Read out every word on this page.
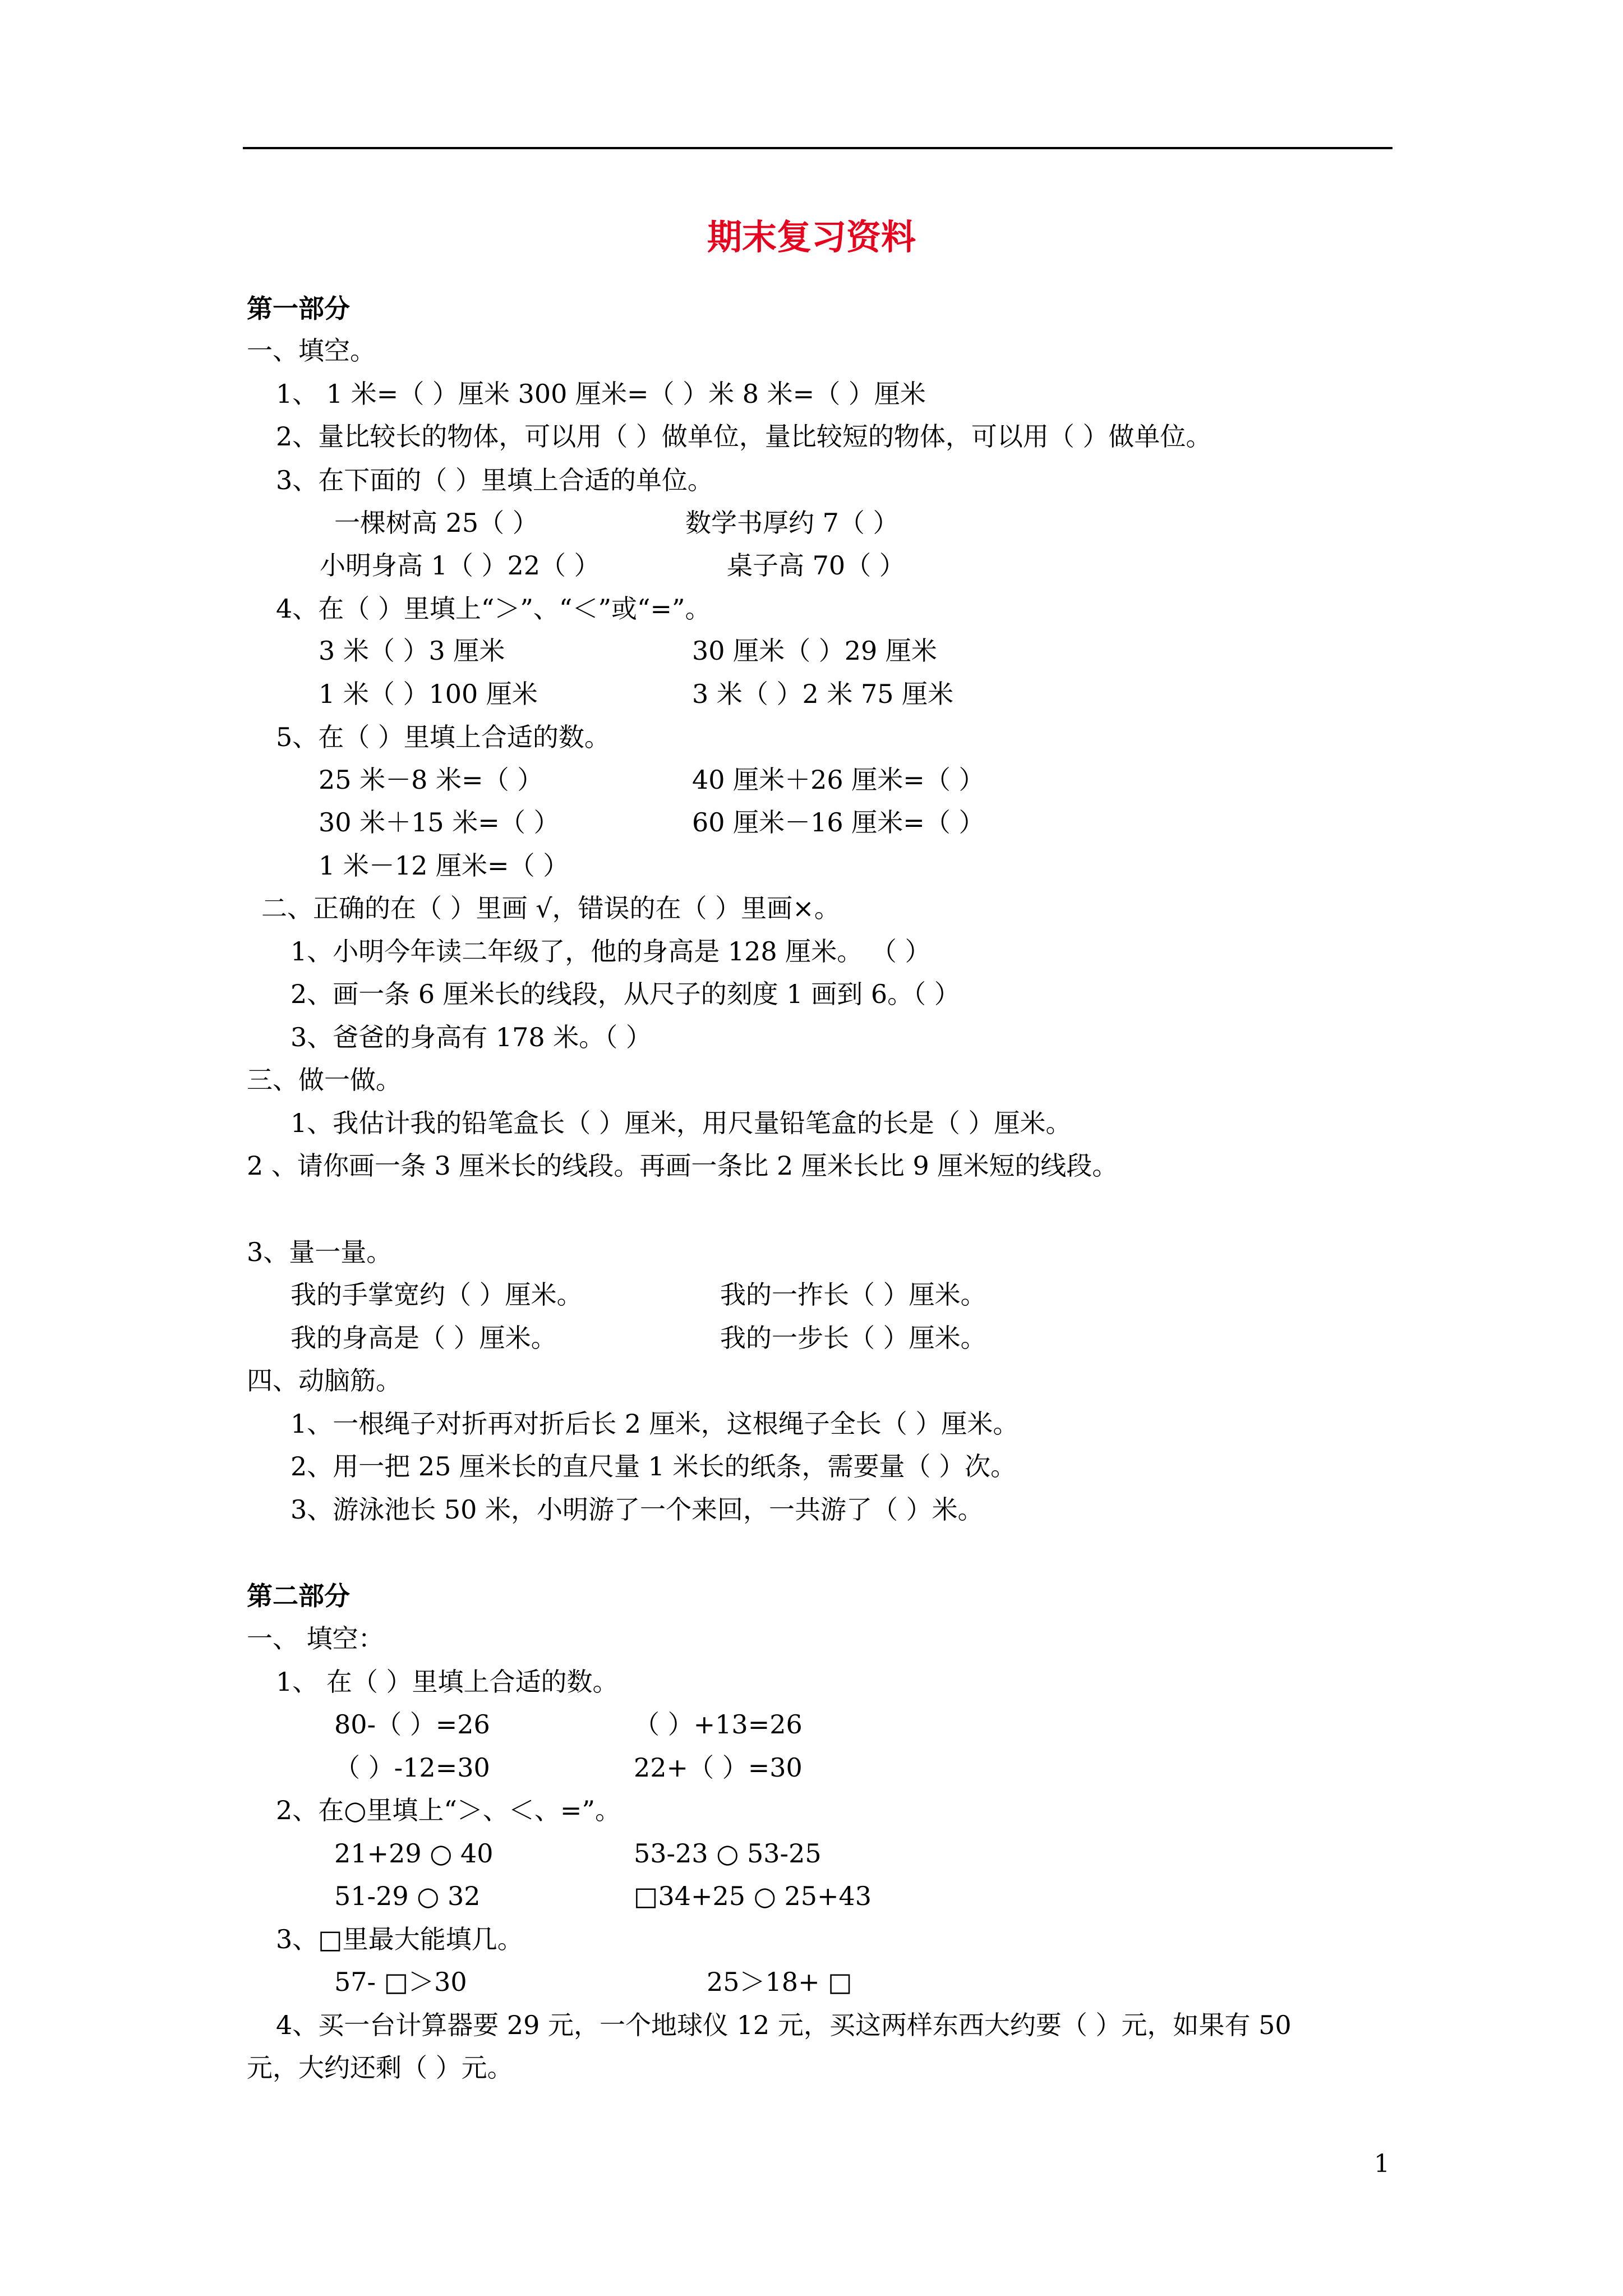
期末复习资料
第一部分
一、填空。
1、 1 米=（ ）厘米 300 厘米=（ ）米 8 米=（ ）厘米
2、量比较长的物体，可以用（ ）做单位，量比较短的物体，可以用（ ）做单位。
3、在下面的（ ）里填上合适的单位。
一棵树高 25（ ）	数学书厚约 7（ ）
小明身高 1（ ）22（ ）	桌子高 70（ ）
4、在（ ）里填上“＞”、“＜”或“=”。
3 米（ ）3 厘米	30 厘米（ ）29 厘米
1 米（ ）100 厘米	3 米（ ）2 米 75 厘米
5、在（ ）里填上合适的数。
25 米－8 米=（ ）	40 厘米＋26 厘米=（ ）
30 米＋15 米=（ ）	60 厘米－16 厘米=（ ）
1 米－12 厘米=（ ）
二、正确的在（ ）里画 √，错误的在（ ）里画×。
1、小明今年读二年级了，他的身高是 128 厘米。 （ ）
2、画一条 6 厘米长的线段，从尺子的刻度 1 画到 6。（ ）
3、爸爸的身高有 178 米。（ ）
三、做一做。
1、我估计我的铅笔盒长（ ）厘米，用尺量铅笔盒的长是（ ）厘米。
2 、请你画一条 3 厘米长的线段。再画一条比 2 厘米长比 9 厘米短的线段。
3、量一量。
我的手掌宽约（ ）厘米。	我的一拃长（ ）厘米。
我的身高是（ ）厘米。	我的一步长（ ）厘米。
四、动脑筋。
1、一根绳子对折再对折后长 2 厘米，这根绳子全长（ ）厘米。
2、用一把 25 厘米长的直尺量 1 米长的纸条，需要量（ ）次。
3、游泳池长 50 米，小明游了一个来回，一共游了（ ）米。
第二部分
一、 填空：
1、 在（ ）里填上合适的数。
80-（ ）=26	（ ）+13=26
（ ）-12=30	22+（ ）=30
2、在○里填上“＞、＜、=”。
21+29 ○ 40	53-23 ○ 53-25
51-29 ○ 32	□34+25 ○ 25+43
3、□里最大能填几。
57- □＞30	25＞18+ □
4、买一台计算器要 29 元，一个地球仪 12 元，买这两样东西大约要（ ）元，如果有 50
元，大约还剩（ ）元。
1
